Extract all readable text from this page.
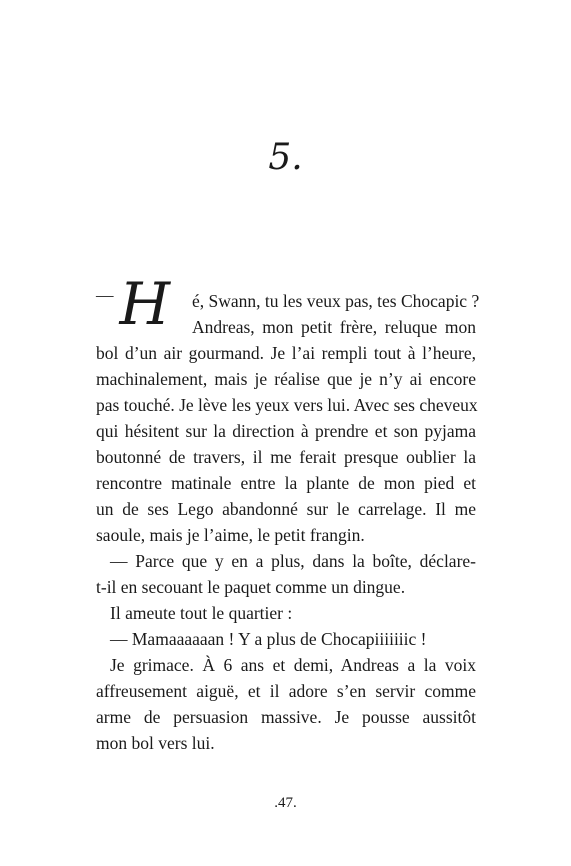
5.
— H é, Swann, tu les veux pas, tes Chocapic ?
Andreas, mon petit frère, reluque mon
bol d’un air gourmand. Je l’ai rempli tout à l’heure,
machinalement, mais je réalise que je n’y ai encore
pas touché. Je lève les yeux vers lui. Avec ses cheveux
qui hésitent sur la direction à prendre et son pyjama
boutonné de travers, il me ferait presque oublier la
rencontre matinale entre la plante de mon pied et
un de ses Lego abandonné sur le carrelage. Il me
saoule, mais je l’aime, le petit frangin.
— Parce que y en a plus, dans la boîte, déclare-
t-il en secouant le paquet comme un dingue.
Il ameute tout le quartier :
— Mamaaaaaan ! Y a plus de Chocapiiiiiiic !
Je grimace. À 6 ans et demi, Andreas a la voix
affreusement aiguë, et il adore s’en servir comme
arme de persuasion massive. Je pousse aussitôt
mon bol vers lui.
.47.
